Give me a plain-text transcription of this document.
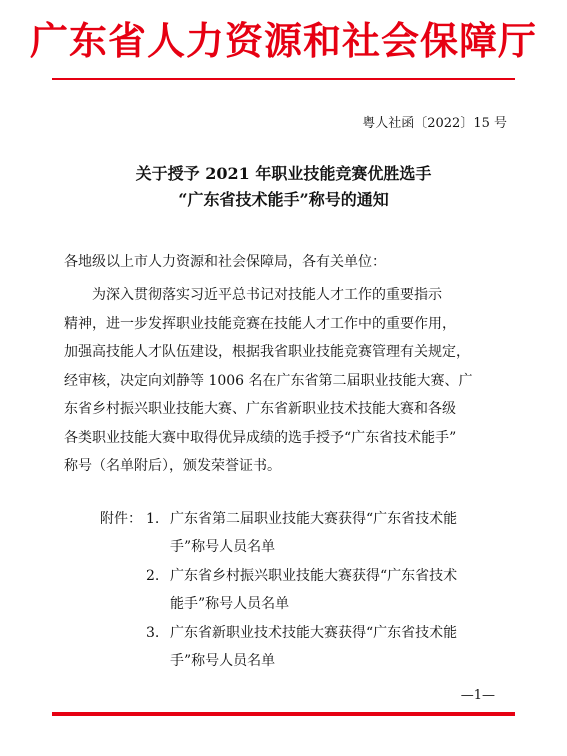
广东省人力资源和社会保障厅
粤人社函〔2022〕15 号
关于授予 2021 年职业技能竞赛优胜选手
“广东省技术能手”称号的通知
各地级以上市人力资源和社会保障局，各有关单位：
为深入贯彻落实习近平总书记对技能人才工作的重要指示
精神，进一步发挥职业技能竞赛在技能人才工作中的重要作用，
加强高技能人才队伍建设，根据我省职业技能竞赛管理有关规定，
经审核，决定向刘静等 1006 名在广东省第二届职业技能大赛、广
东省乡村振兴职业技能大赛、广东省新职业技术技能大赛和各级
各类职业技能大赛中取得优异成绩的选手授予“广东省技术能手”
称号（名单附后），颁发荣誉证书。
附件： 1. 广东省第二届职业技能大赛获得“广东省技术能
手”称号人员名单
2. 广东省乡村振兴职业技能大赛获得“广东省技术
能手”称号人员名单
3. 广东省新职业技术技能大赛获得“广东省技术能
手”称号人员名单
—1—
